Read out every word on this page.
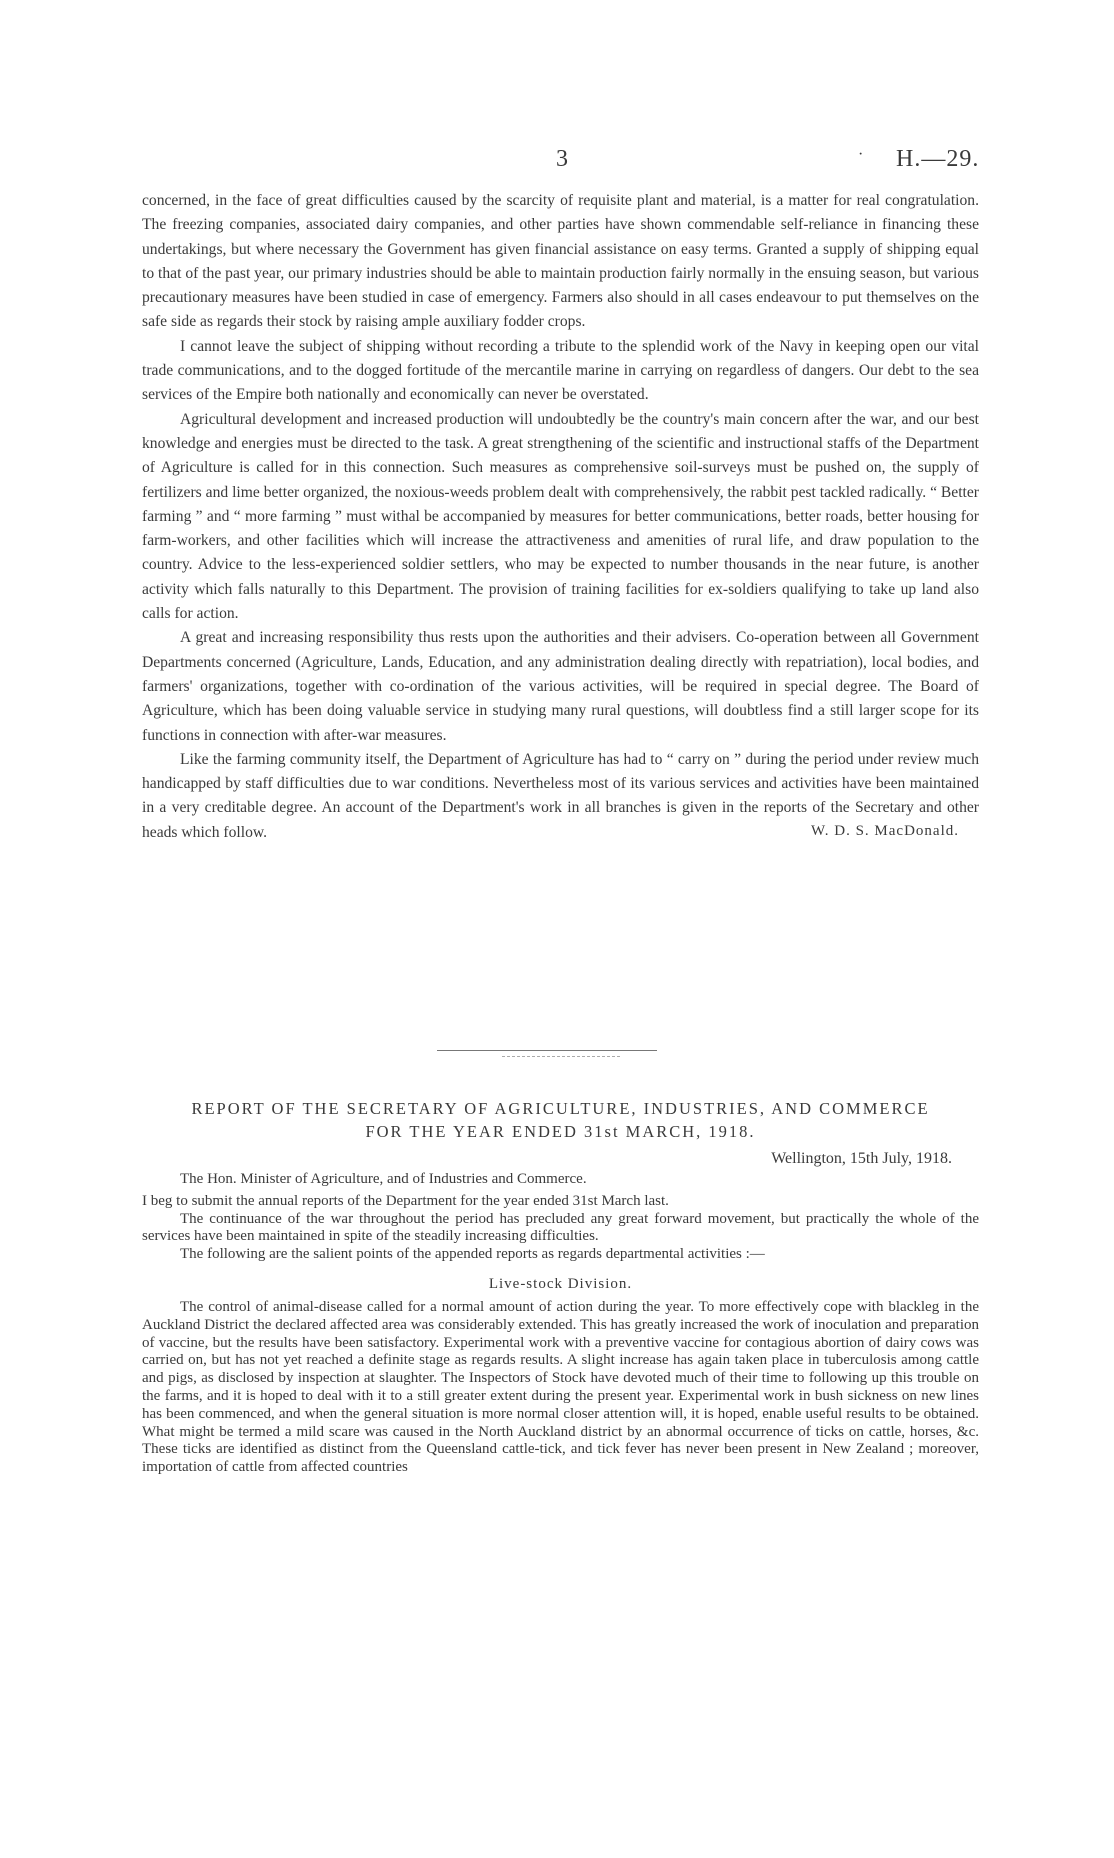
3	· H.—29.

concerned, in the face of great difficulties caused by the scarcity of requisite plant and material, is a matter for real congratulation. The freezing companies, associated dairy companies, and other parties have shown commendable self-reliance in financing these undertakings, but where necessary the Government has given financial assistance on easy terms. Granted a supply of shipping equal to that of the past year, our primary industries should be able to maintain production fairly normally in the ensuing season, but various precautionary measures have been studied in case of emergency. Farmers also should in all cases endeavour to put themselves on the safe side as regards their stock by raising ample auxiliary fodder crops.

I cannot leave the subject of shipping without recording a tribute to the splendid work of the Navy in keeping open our vital trade communications, and to the dogged fortitude of the mercantile marine in carrying on regardless of dangers. Our debt to the sea services of the Empire both nationally and economically can never be overstated.

Agricultural development and increased production will undoubtedly be the country's main concern after the war, and our best knowledge and energies must be directed to the task. A great strengthening of the scientific and instructional staffs of the Department of Agriculture is called for in this connection. Such measures as comprehensive soil-surveys must be pushed on, the supply of fertilizers and lime better organized, the noxious-weeds problem dealt with comprehensively, the rabbit pest tackled radically. “ Better farming ” and “ more farming ” must withal be accompanied by measures for better communications, better roads, better housing for farm-workers, and other facilities which will increase the attractiveness and amenities of rural life, and draw population to the country. Advice to the less-experienced soldier settlers, who may be expected to number thousands in the near future, is another activity which falls naturally to this Department. The provision of training facilities for ex-soldiers qualifying to take up land also calls for action.

A great and increasing responsibility thus rests upon the authorities and their advisers. Co-operation between all Government Departments concerned (Agriculture, Lands, Education, and any administration dealing directly with repatriation), local bodies, and farmers' organizations, together with co-ordination of the various activities, will be required in special degree. The Board of Agriculture, which has been doing valuable service in studying many rural questions, will doubtless find a still larger scope for its functions in connection with after-war measures.

Like the farming community itself, the Department of Agriculture has had to “ carry on ” during the period under review much handicapped by staff difficulties due to war conditions. Nevertheless most of its various services and activities have been maintained in a very creditable degree. An account of the Department's work in all branches is given in the reports of the Secretary and other heads which follow.	W. D. S. MacDonald.
REPORT OF THE SECRETARY OF AGRICULTURE, INDUSTRIES, AND COMMERCE
FOR THE YEAR ENDED 31st MARCH, 1918.
Wellington, 15th July, 1918.

The Hon. Minister of Agriculture, and of Industries and Commerce.

I beg to submit the annual reports of the Department for the year ended 31st March last.

The continuance of the war throughout the period has precluded any great forward movement, but practically the whole of the services have been maintained in spite of the steadily increasing difficulties.

The following are the salient points of the appended reports as regards departmental activities :—

Live-stock Division.

The control of animal-disease called for a normal amount of action during the year. To more effectively cope with blackleg in the Auckland District the declared affected area was considerably extended. This has greatly increased the work of inoculation and preparation of vaccine, but the results have been satisfactory. Experimental work with a preventive vaccine for contagious abortion of dairy cows was carried on, but has not yet reached a definite stage as regards results. A slight increase has again taken place in tuberculosis among cattle and pigs, as disclosed by inspection at slaughter. The Inspectors of Stock have devoted much of their time to following up this trouble on the farms, and it is hoped to deal with it to a still greater extent during the present year. Experimental work in bush sickness on new lines has been commenced, and when the general situation is more normal closer attention will, it is hoped, enable useful results to be obtained. What might be termed a mild scare was caused in the North Auckland district by an abnormal occurrence of ticks on cattle, horses, &c. These ticks are identified as distinct from the Queensland cattle-tick, and tick fever has never been present in New Zealand ; moreover, importation of cattle from affected countries
